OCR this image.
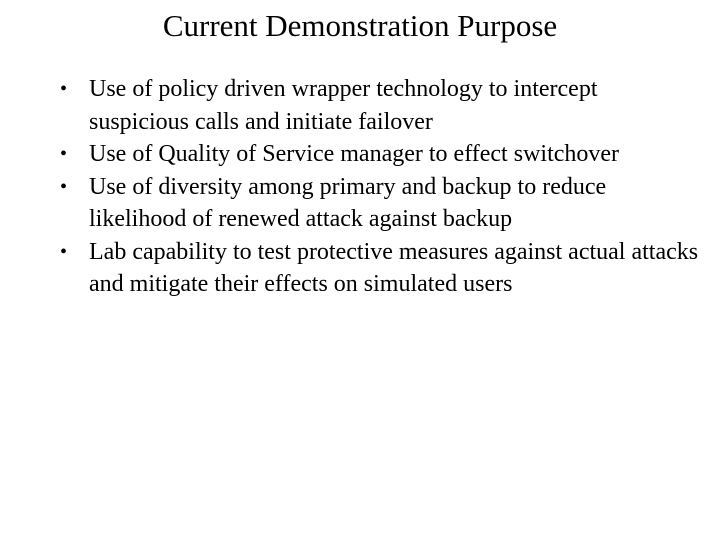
Current Demonstration Purpose
• Use of policy driven wrapper technology to intercept suspicious calls and initiate failover
• Use of Quality of Service manager to effect switchover
• Use of diversity among primary and backup to reduce likelihood of renewed attack against backup
• Lab capability to test protective measures against actual attacks and mitigate their effects on simulated users
